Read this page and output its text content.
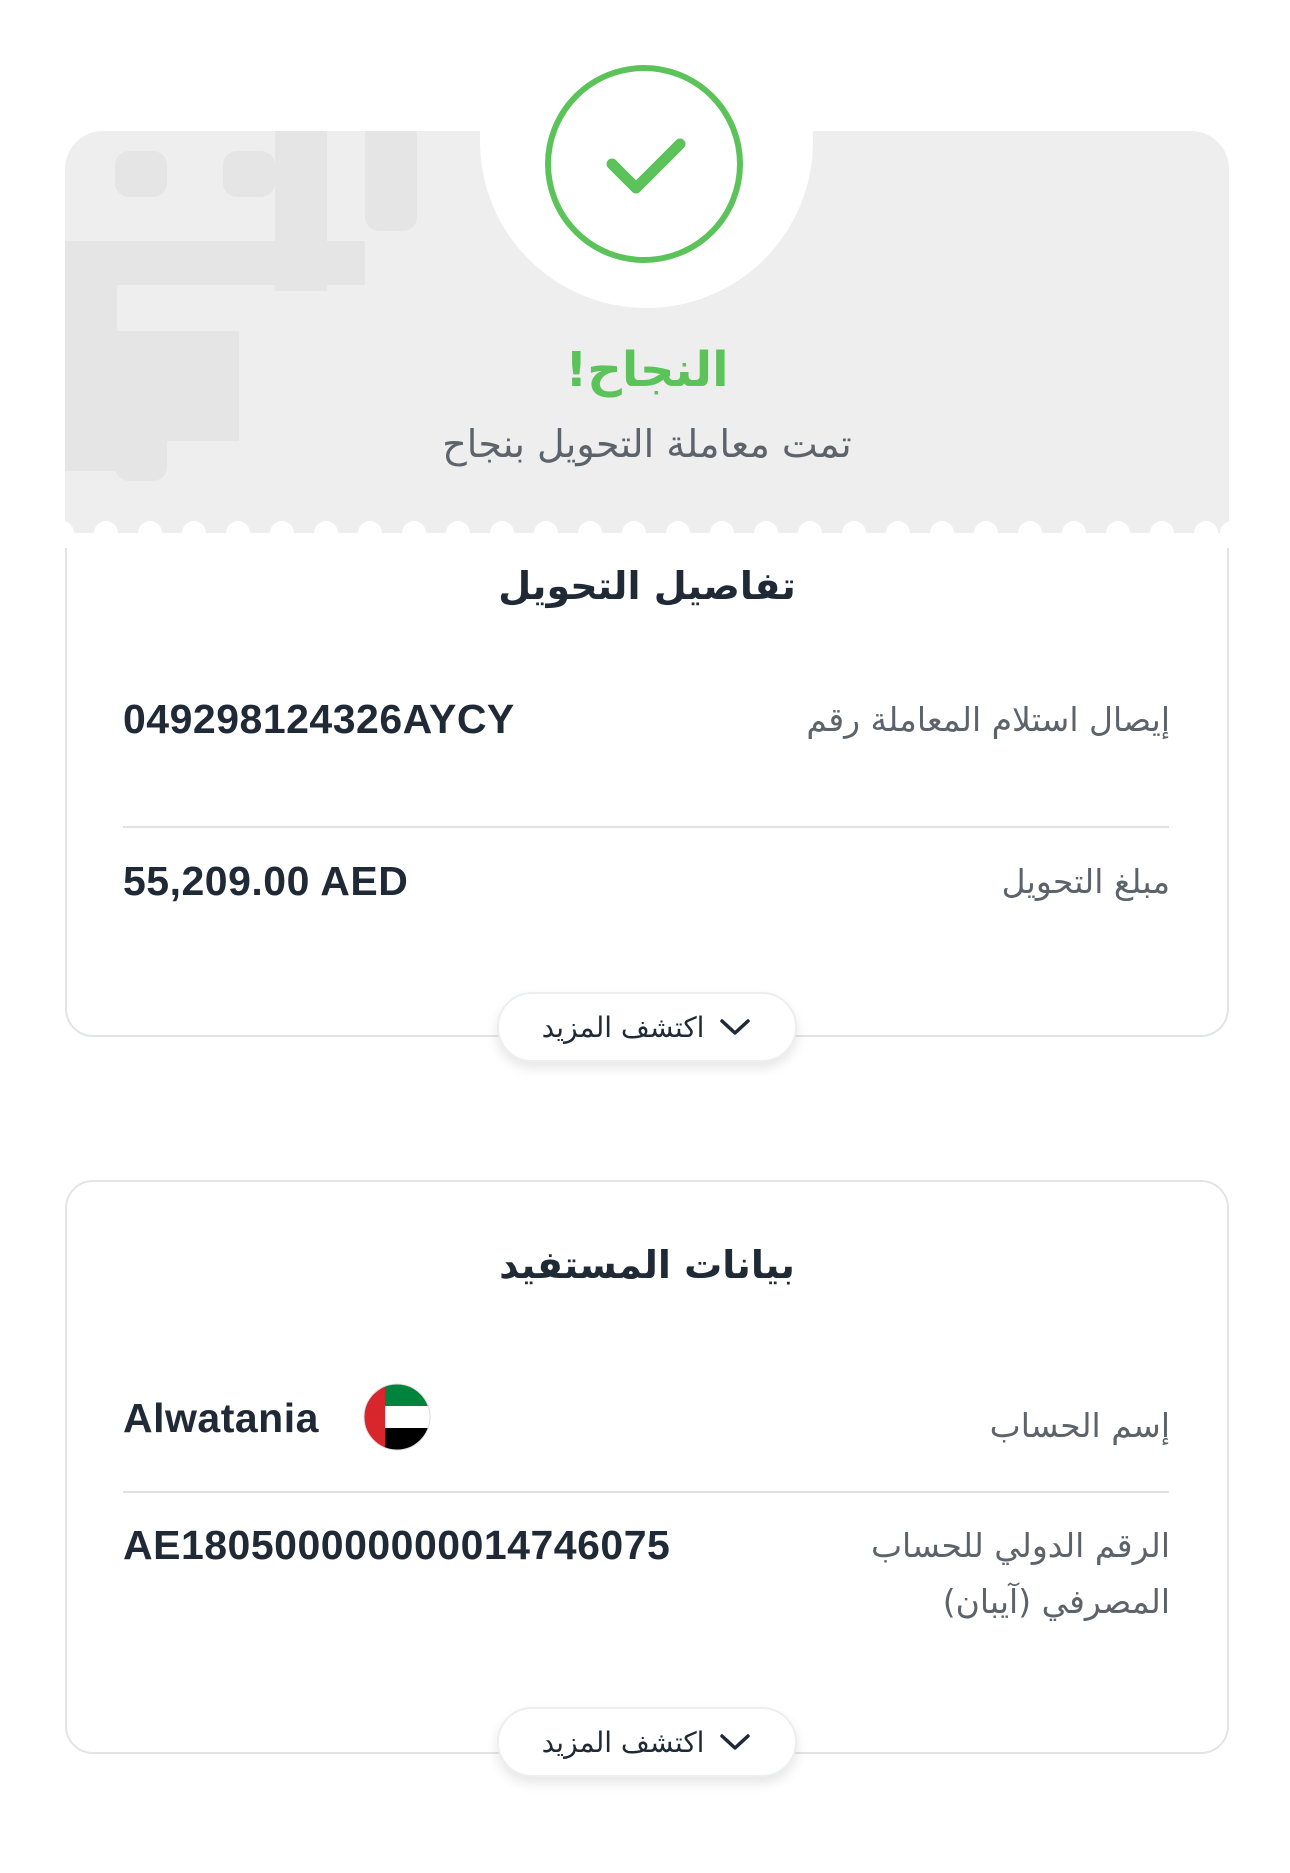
النجاح!
تمت معاملة التحويل بنجاح
تفاصيل التحويل
إيصال استلام المعاملة رقم
049298124326AYCY
مبلغ التحويل
55,209.00 AED
اكتشف المزيد
بيانات المستفيد
إسم الحساب
Alwatania
الرقم الدولي للحساب المصرفي (آيبان)
AE180500000000014746075
اكتشف المزيد
